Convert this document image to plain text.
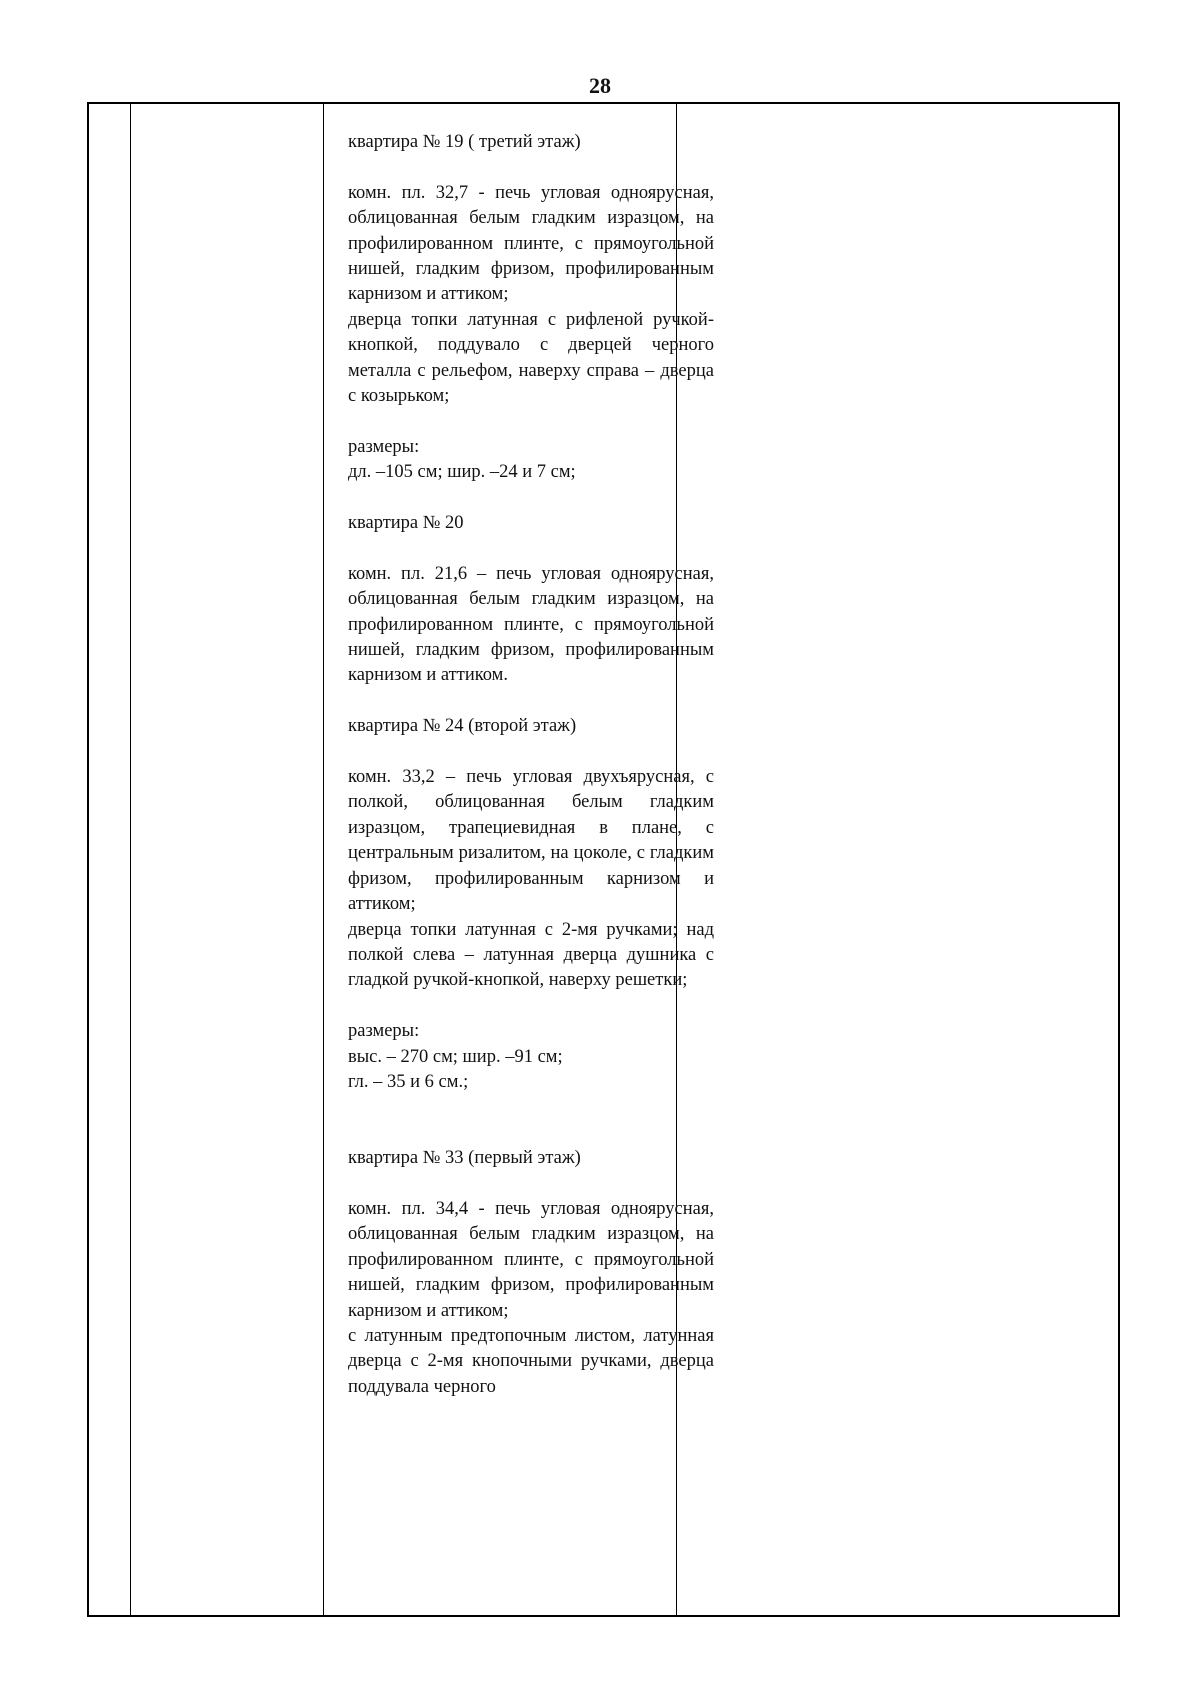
28

квартира № 19 ( третий этаж)

комн. пл. 32,7 - печь угловая одноярусная, облицованная белым гладким изразцом, на профилированном плинте, с прямоугольной нишей, гладким фризом, профилированным карнизом и аттиком;

дверца топки латунная с рифленой ручкой-кнопкой, поддувало с дверцей черного металла с рельефом, наверху справа – дверца с козырьком;

размеры:

дл. –105 см; шир. –24 и 7 см;

квартира № 20

комн. пл. 21,6 – печь угловая одноярусная, облицованная белым гладким изразцом, на профилированном плинте, с прямоугольной нишей, гладким фризом, профилированным карнизом и аттиком.

квартира № 24 (второй этаж)

комн. 33,2 – печь угловая двухъярусная, с полкой, облицованная белым гладким изразцом, трапециевидная в плане, с центральным ризалитом, на цоколе, с гладким фризом, профилированным карнизом и аттиком;

дверца топки латунная с 2-мя ручками; над полкой слева – латунная дверца душника с гладкой ручкой-кнопкой, наверху решетки;

размеры:

выс. – 270 см; шир. –91 см;

гл. – 35 и 6 см.;

квартира № 33 (первый этаж)

комн. пл. 34,4 - печь угловая одноярусная, облицованная белым гладким изразцом, на профилированном плинте, с прямоугольной нишей, гладким фризом, профилированным карнизом и аттиком;

с латунным предтопочным листом, латунная дверца с 2-мя кнопочными ручками, дверца поддувала черного
